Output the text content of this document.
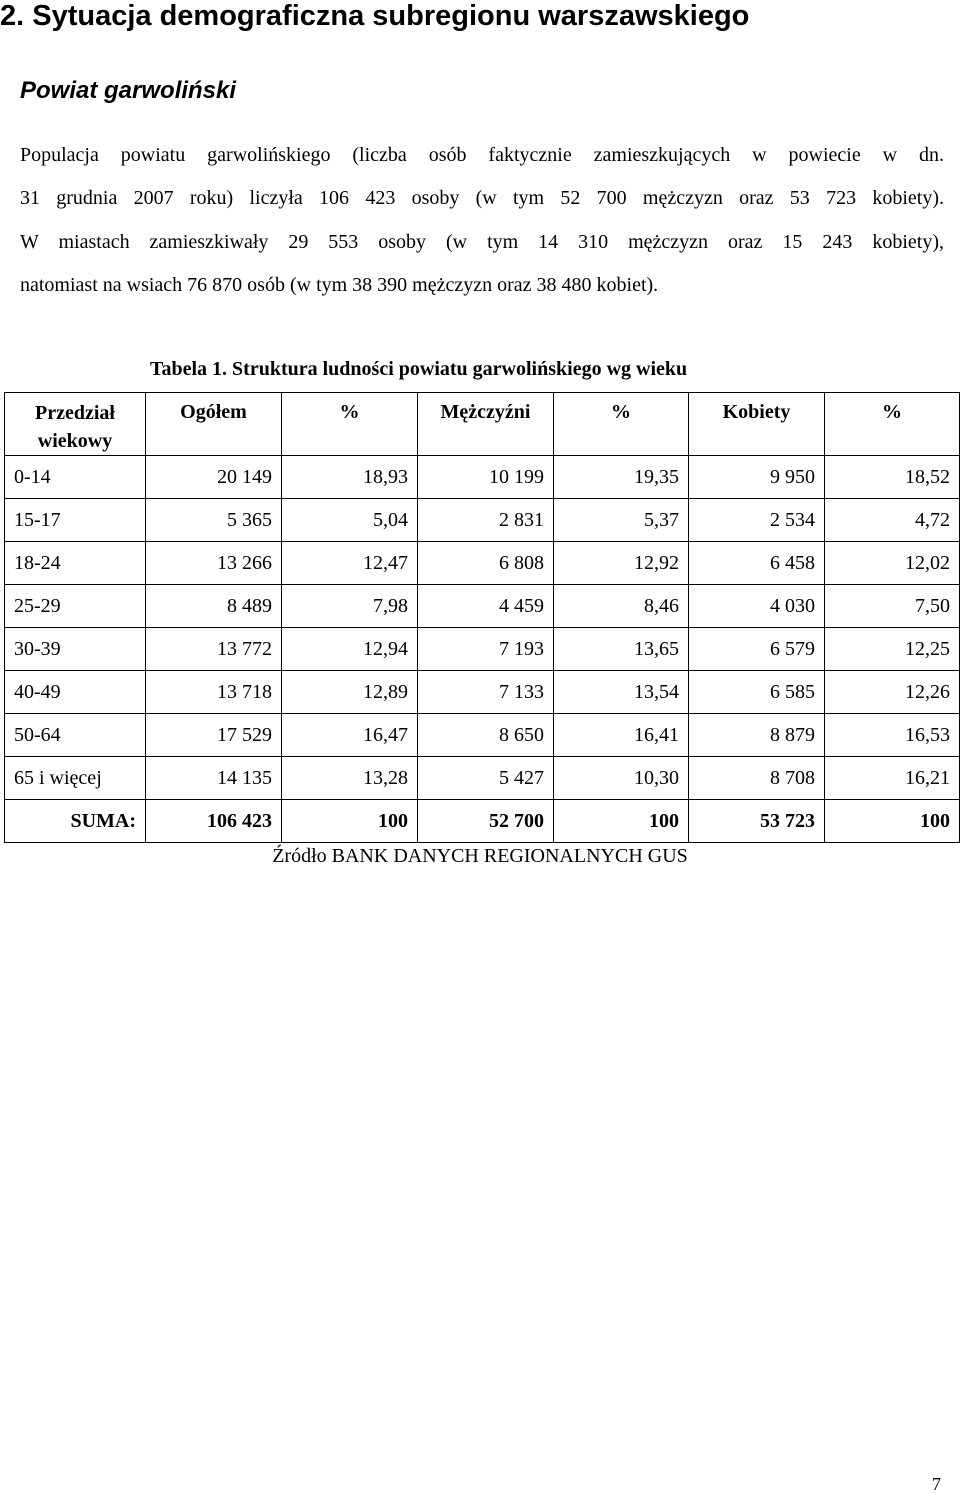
2. Sytuacja demograficzna subregionu warszawskiego
Powiat garwoliński
Populacja powiatu garwolińskiego (liczba osób faktycznie zamieszkujących w powiecie w dn.
31 grudnia 2007 roku) liczyła 106 423 osoby (w tym 52 700 mężczyzn oraz 53 723 kobiety).
W miastach zamieszkiwały 29 553 osoby (w tym 14 310 mężczyzn oraz 15 243 kobiety),
natomiast na wsiach 76 870 osób (w tym 38 390 mężczyzn oraz 38 480 kobiet).
Tabela 1. Struktura ludności powiatu garwolińskiego wg wieku
Przedział wiekowy	Ogółem	%	Mężczyźni	%	Kobiety	%
0-14	20 149	18,93	10 199	19,35	9 950	18,52
15-17	5 365	5,04	2 831	5,37	2 534	4,72
18-24	13 266	12,47	6 808	12,92	6 458	12,02
25-29	8 489	7,98	4 459	8,46	4 030	7,50
30-39	13 772	12,94	7 193	13,65	6 579	12,25
40-49	13 718	12,89	7 133	13,54	6 585	12,26
50-64	17 529	16,47	8 650	16,41	8 879	16,53
65 i więcej	14 135	13,28	5 427	10,30	8 708	16,21
SUMA:	106 423	100	52 700	100	53 723	100
Źródło BANK DANYCH REGIONALNYCH GUS
7
